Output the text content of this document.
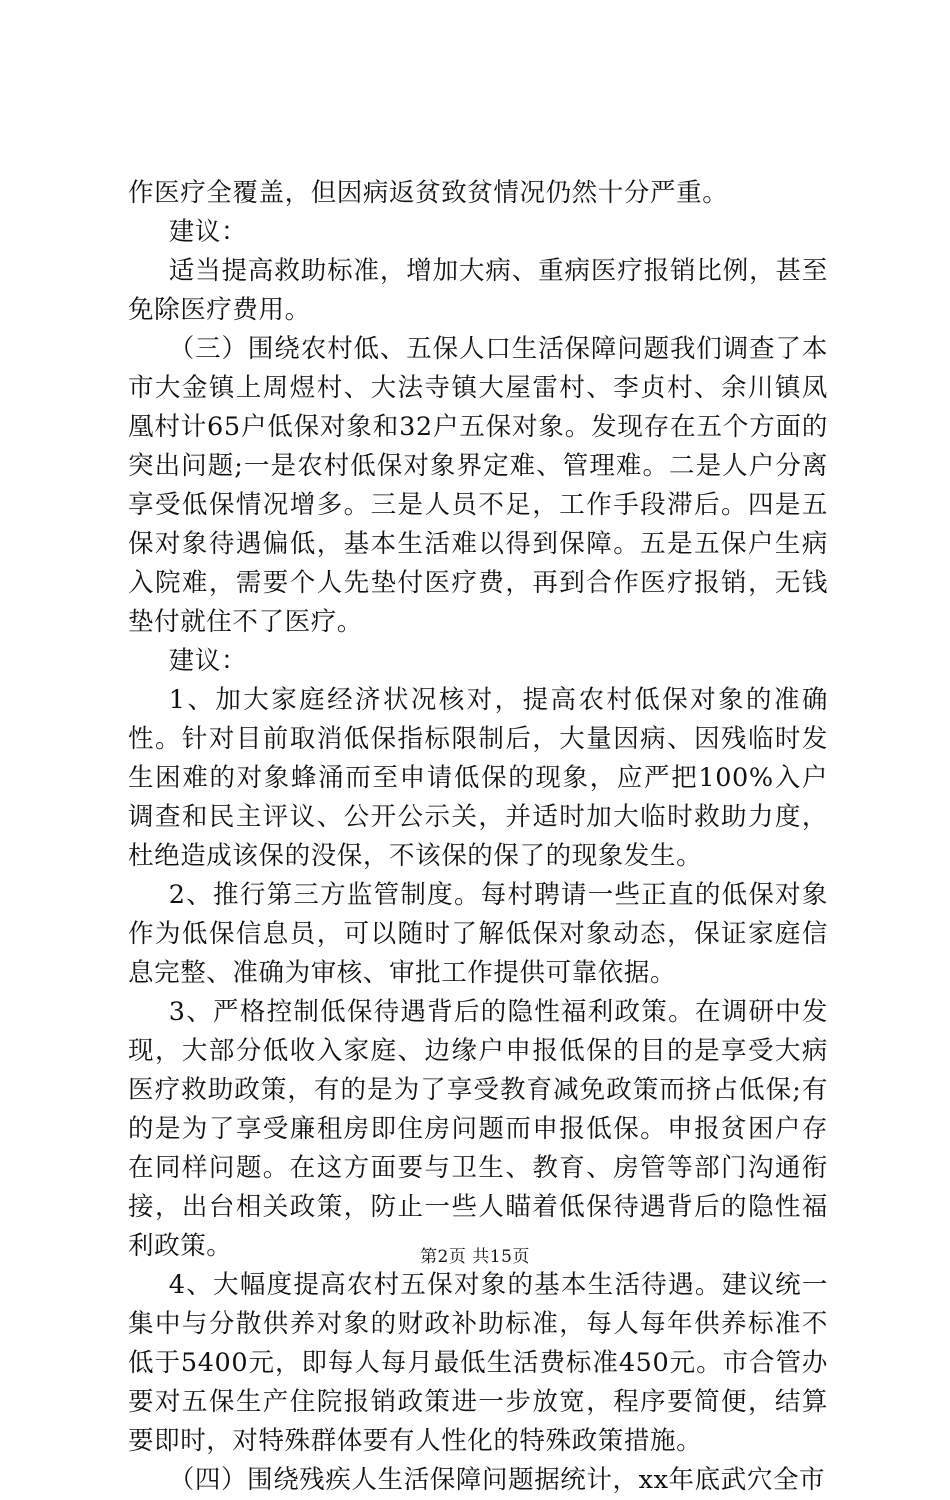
作医疗全覆盖，但因病返贫致贫情况仍然十分严重。

建议：

适当提高救助标准，增加大病、重病医疗报销比例，甚至免除医疗费用。

（三）围绕农村低、五保人口生活保障问题我们调查了本市大金镇上周煜村、大法寺镇大屋雷村、李贞村、余川镇凤凰村计65户低保对象和32户五保对象。发现存在五个方面的突出问题;一是农村低保对象界定难、管理难。二是人户分离享受低保情况增多。三是人员不足，工作手段滞后。四是五保对象待遇偏低，基本生活难以得到保障。五是五保户生病入院难，需要个人先垫付医疗费，再到合作医疗报销，无钱垫付就住不了医疗。

建议：

1、加大家庭经济状况核对，提高农村低保对象的准确性。针对目前取消低保指标限制后，大量因病、因残临时发生困难的对象蜂涌而至申请低保的现象，应严把100%入户调查和民主评议、公开公示关，并适时加大临时救助力度，杜绝造成该保的没保，不该保的保了的现象发生。

2、推行第三方监管制度。每村聘请一些正直的低保对象作为低保信息员，可以随时了解低保对象动态，保证家庭信息完整、准确为审核、审批工作提供可靠依据。

3、严格控制低保待遇背后的隐性福利政策。在调研中发现，大部分低收入家庭、边缘户申报低保的目的是享受大病医疗救助政策，有的是为了享受教育减免政策而挤占低保;有的是为了享受廉租房即住房问题而申报低保。申报贫困户存在同样问题。在这方面要与卫生、教育、房管等部门沟通衔接，出台相关政策，防止一些人瞄着低保待遇背后的隐性福利政策。

4、大幅度提高农村五保对象的基本生活待遇。建议统一集中与分散供养对象的财政补助标准，每人每年供养标准不低于5400元，即每人每月最低生活费标准450元。市合管办要对五保生产住院报销政策进一步放宽，程序要简便，结算要即时，对特殊群体要有人性化的特殊政策措施。

（四）围绕残疾人生活保障问题据统计，xx年底武穴全市

第2页 共15页
